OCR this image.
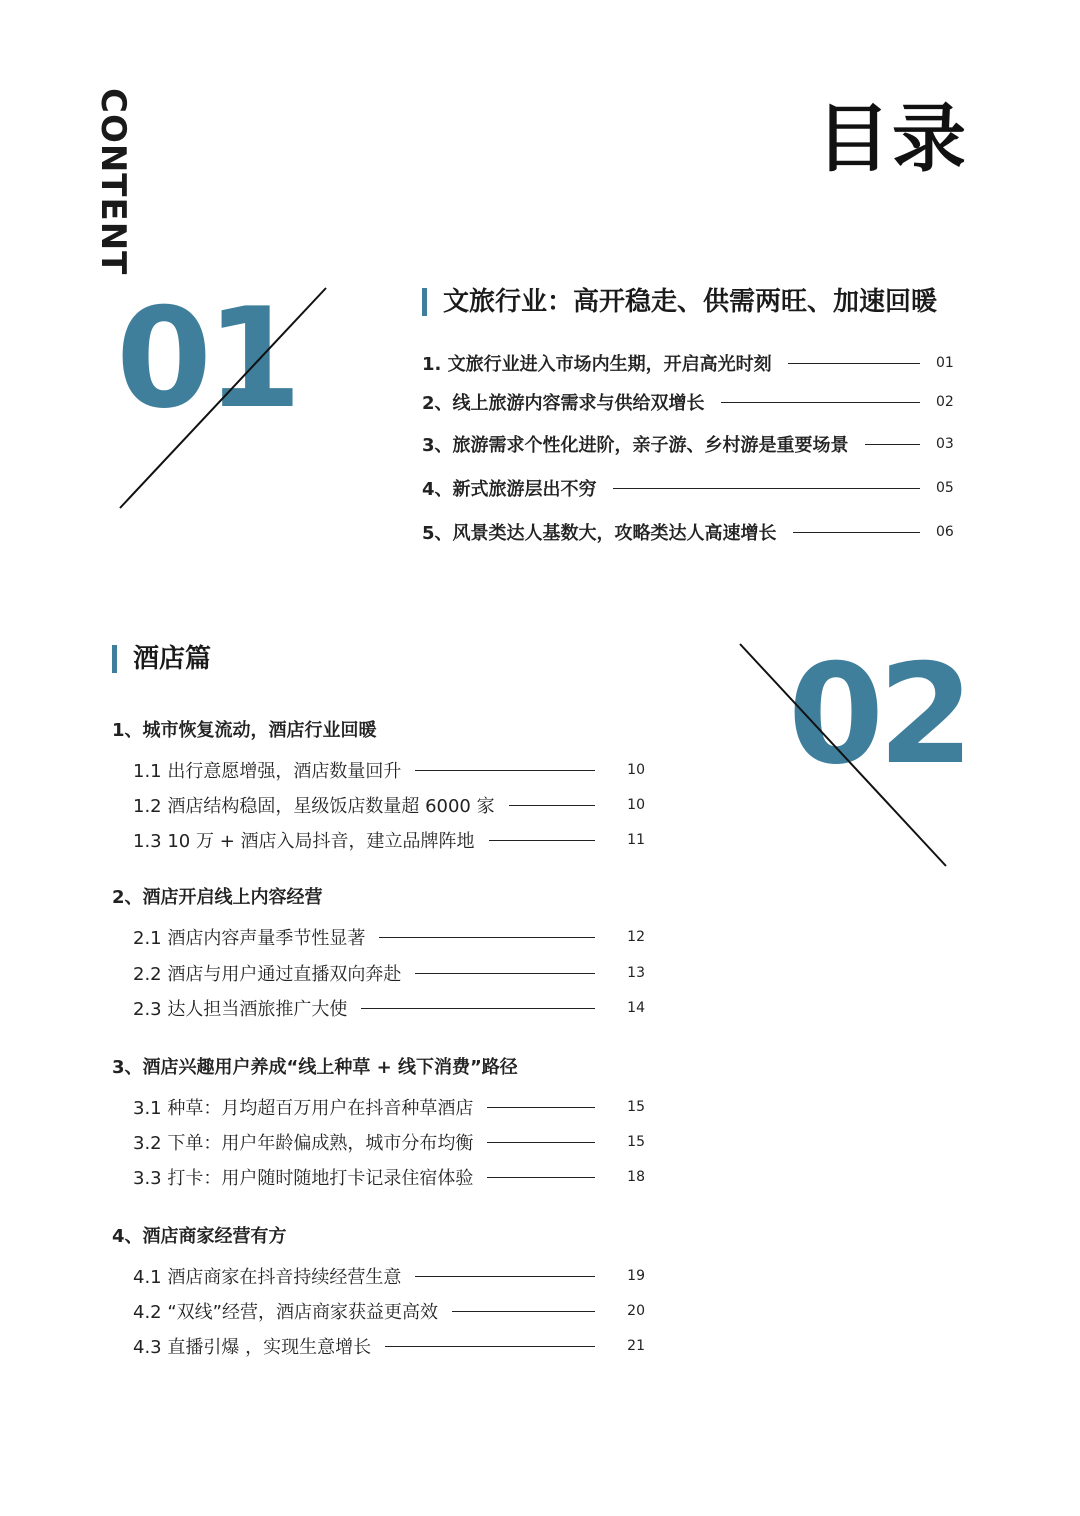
CONTENT	目录
01	文旅行业：高开稳走、供需两旺、加速回暖
1. 文旅行业进入市场内生期，开启高光时刻	01
2、线上旅游内容需求与供给双增长	02
3、旅游需求个性化进阶，亲子游、乡村游是重要场景	03
4、新式旅游层出不穷	05
5、风景类达人基数大，攻略类达人高速增长	06
酒店篇	02
1、城市恢复流动，酒店行业回暖
1.1 出行意愿增强，酒店数量回升	10
1.2 酒店结构稳固，星级饭店数量超 6000 家	10
1.3 10 万 + 酒店入局抖音，建立品牌阵地	11
2、酒店开启线上内容经营
2.1 酒店内容声量季节性显著	12
2.2 酒店与用户通过直播双向奔赴	13
2.3 达人担当酒旅推广大使	14
3、酒店兴趣用户养成“线上种草 + 线下消费”路径
3.1 种草：月均超百万用户在抖音种草酒店	15
3.2 下单：用户年龄偏成熟，城市分布均衡	15
3.3 打卡：用户随时随地打卡记录住宿体验	18
4、酒店商家经营有方
4.1 酒店商家在抖音持续经营生意	19
4.2 “双线”经营，酒店商家获益更高效	20
4.3 直播引爆 ，实现生意增长	21
